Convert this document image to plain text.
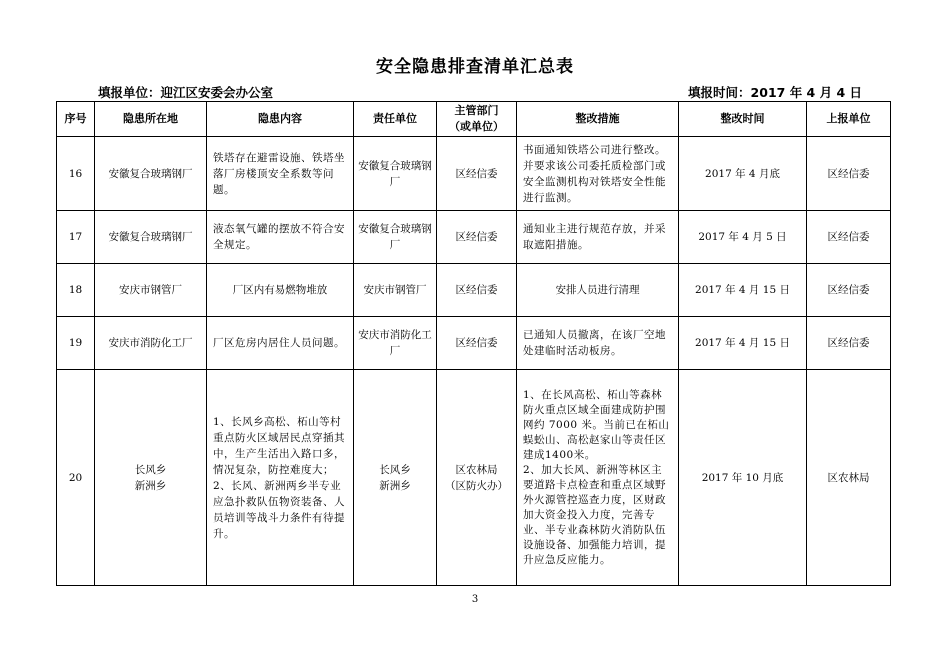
安全隐患排查清单汇总表
填报单位：迎江区安委会办公室	填报时间：2017 年 4 月 4 日
序号	隐患所在地	隐患内容	责任单位	主管部门
（或单位）	整改措施	整改时间	上报单位
16	安徽复合玻璃钢厂	铁塔存在避雷设施、铁塔坐落厂房楼顶安全系数等问题。	安徽复合玻璃钢厂	区经信委	书面通知铁塔公司进行整改。并要求该公司委托质检部门或安全监测机构对铁塔安全性能进行监测。	2017 年 4 月底	区经信委
17	安徽复合玻璃钢厂	液态氧气罐的摆放不符合安全规定。	安徽复合玻璃钢厂	区经信委	通知业主进行规范存放，并采取遮阳措施。	2017 年 4 月 5 日	区经信委
18	安庆市钢管厂	厂区内有易燃物堆放	安庆市钢管厂	区经信委	安排人员进行清理	2017 年 4 月 15 日	区经信委
19	安庆市消防化工厂	厂区危房内居住人员问题。	安庆市消防化工厂	区经信委	已通知人员撤离，在该厂空地处建临时活动板房。	2017 年 4 月 15 日	区经信委
20	长风乡
新洲乡	1、长风乡高松、柘山等村重点防火区域居民点穿插其中，生产生活出入路口多，情况复杂，防控难度大；2、长风、新洲两乡半专业应急扑救队伍物资装备、人员培训等战斗力条件有待提升。	长风乡
新洲乡	区农林局
（区防火办）	1、在长风高松、柘山等森林防火重点区域全面建成防护围网约 7000 米。当前已在柘山蜈蚣山、高松赵家山等责任区建成1400米。
2、加大长风、新洲等林区主要道路卡点检查和重点区域野外火源管控巡查力度，区财政加大资金投入力度，完善专业、半专业森林防火消防队伍设施设备、加强能力培训，提升应急反应能力。	2017 年 10 月底	区农林局
3
